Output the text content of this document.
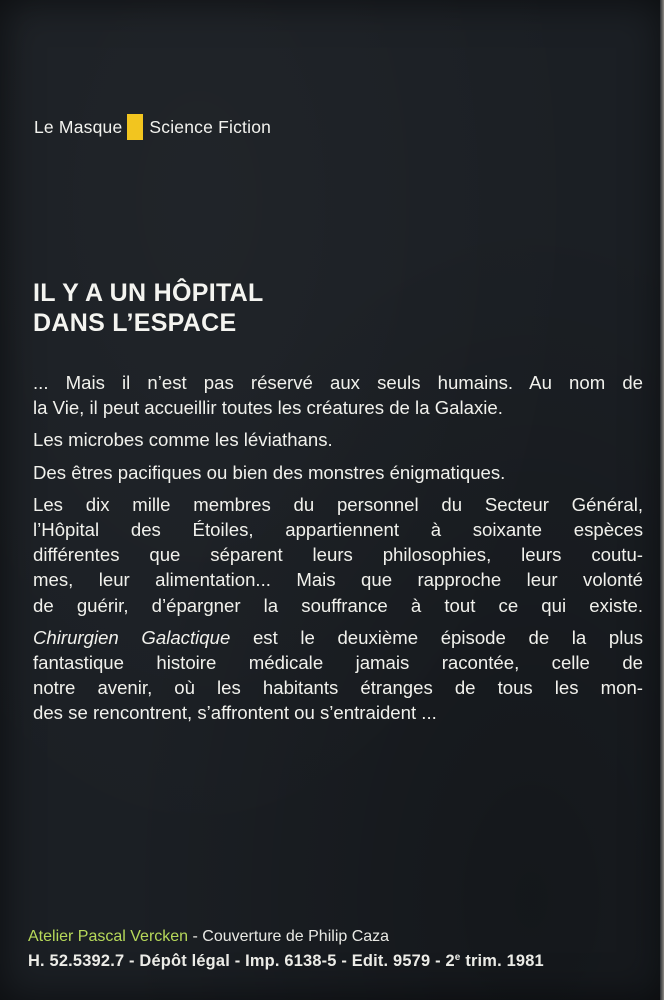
Le Masque Science Fiction
IL Y A UN HÔPITAL
DANS L’ESPACE

... Mais il n’est pas réservé aux seuls humains. Au nom de
la Vie, il peut accueillir toutes les créatures de la Galaxie.

Les microbes comme les léviathans.

Des êtres pacifiques ou bien des monstres énigmatiques.

Les dix mille membres du personnel du Secteur Général,
l’Hôpital des Étoiles, appartiennent à soixante espèces
différentes que séparent leurs philosophies, leurs coutu-
mes, leur alimentation... Mais que rapproche leur volonté
de guérir, d’épargner la souffrance à tout ce qui existe.

Chirurgien Galactique est le deuxième épisode de la plus
fantastique histoire médicale jamais racontée, celle de
notre avenir, où les habitants étranges de tous les mon-
des se rencontrent, s’affrontent ou s’entraident ...

Atelier Pascal Vercken - Couverture de Philip Caza
H. 52.5392.7 - Dépôt légal - Imp. 6138-5 - Edit. 9579 - 2e trim. 1981
